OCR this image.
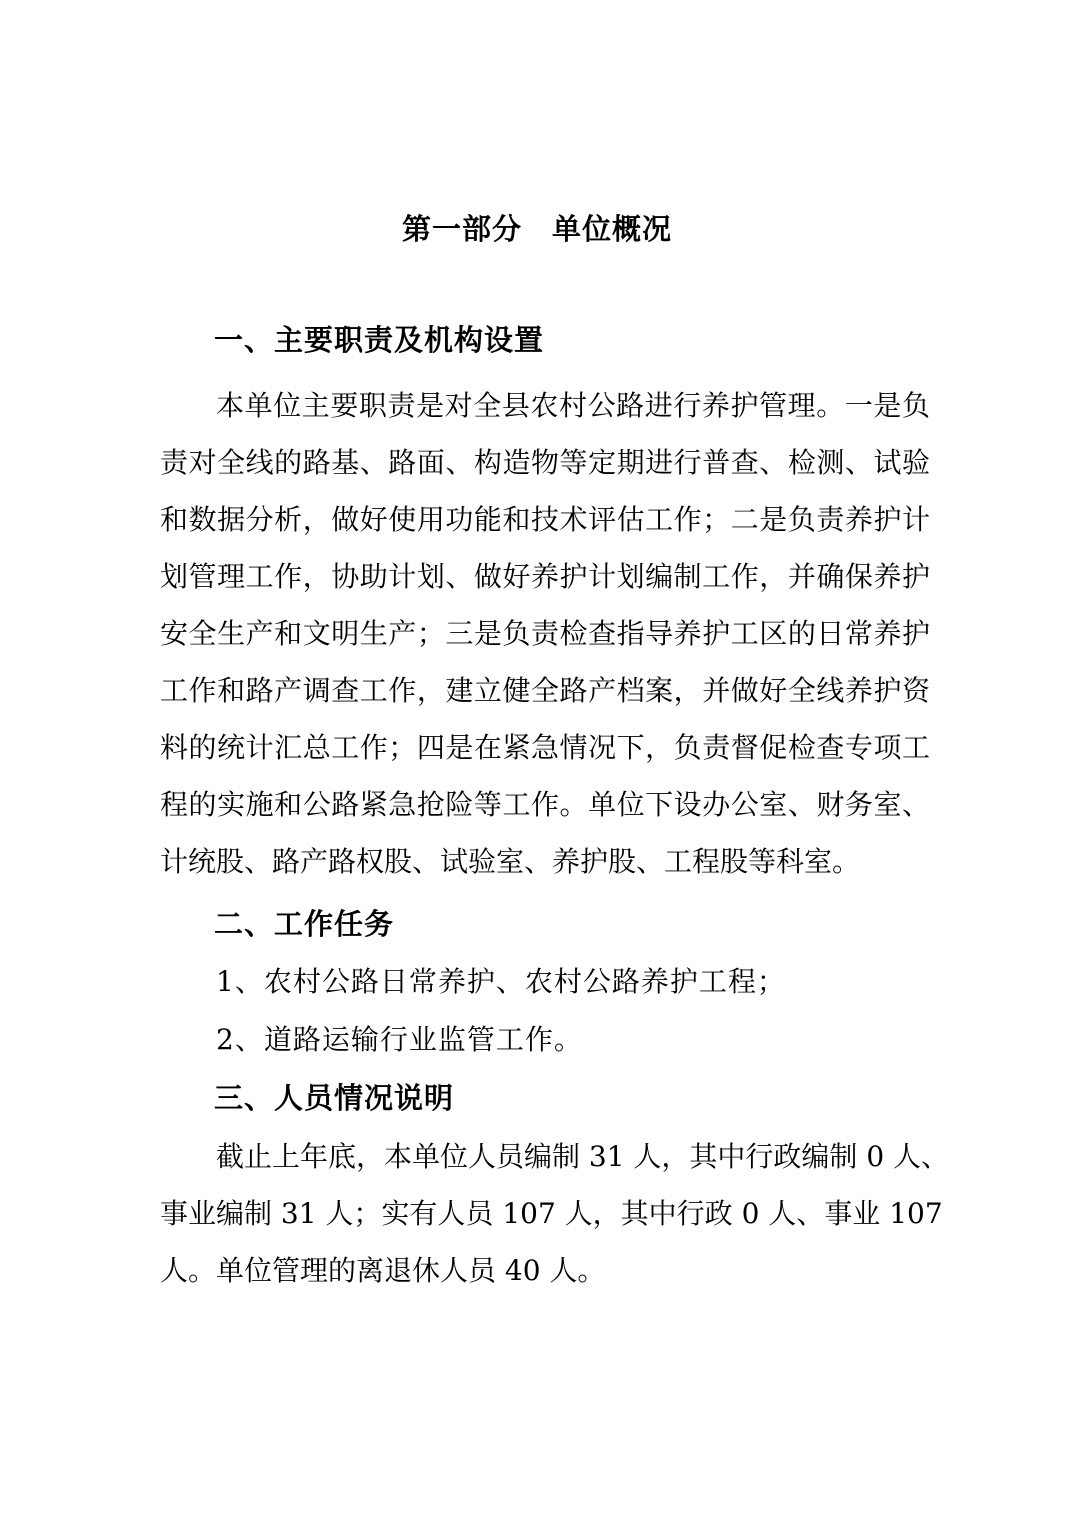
第一部分　单位概况
一、主要职责及机构设置
本单位主要职责是对全县农村公路进行养护管理。一是负
责对全线的路基、路面、构造物等定期进行普查、检测、试验
和数据分析，做好使用功能和技术评估工作；二是负责养护计
划管理工作，协助计划、做好养护计划编制工作，并确保养护
安全生产和文明生产；三是负责检查指导养护工区的日常养护
工作和路产调查工作，建立健全路产档案，并做好全线养护资
料的统计汇总工作；四是在紧急情况下，负责督促检查专项工
程的实施和公路紧急抢险等工作。单位下设办公室、财务室、
计统股、路产路权股、试验室、养护股、工程股等科室。
二、工作任务
1、农村公路日常养护、农村公路养护工程；
2、道路运输行业监管工作。
三、人员情况说明
截止上年底，本单位人员编制 31 人，其中行政编制 0 人、
事业编制 31 人；实有人员 107 人，其中行政 0 人、事业 107
人。单位管理的离退休人员 40 人。
